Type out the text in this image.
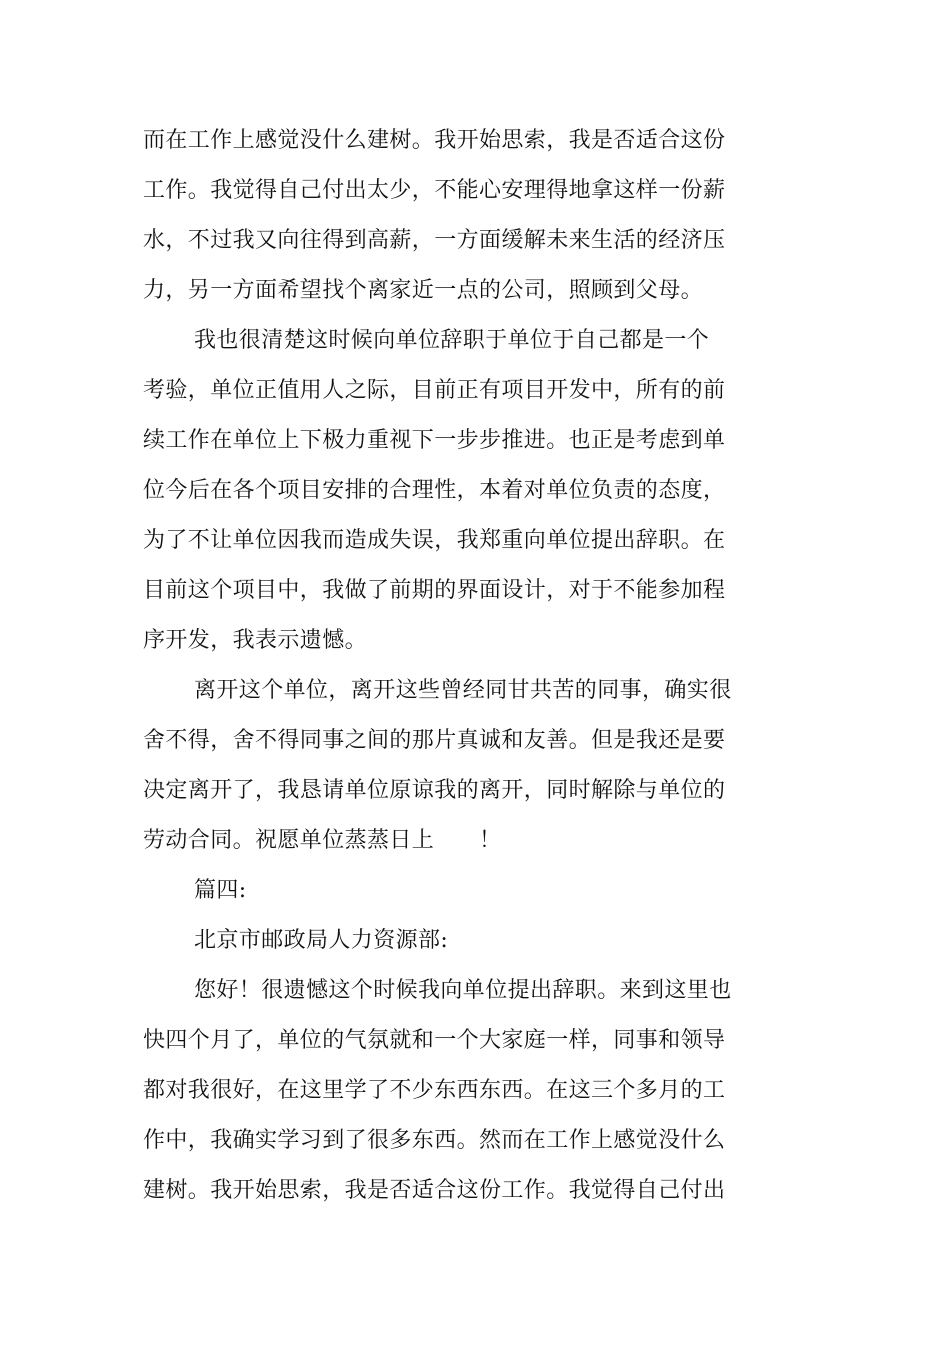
而在工作上感觉没什么建树。我开始思索，我是否适合这份
工作。我觉得自己付出太少，不能心安理得地拿这样一份薪
水，不过我又向往得到高薪，一方面缓解未来生活的经济压
力，另一方面希望找个离家近一点的公司，照顾到父母。
我也很清楚这时候向单位辞职于单位于自己都是一个
考验，单位正值用人之际，目前正有项目开发中，所有的前
续工作在单位上下极力重视下一步步推进。也正是考虑到单
位今后在各个项目安排的合理性，本着对单位负责的态度，
为了不让单位因我而造成失误，我郑重向单位提出辞职。在
目前这个项目中，我做了前期的界面设计，对于不能参加程
序开发，我表示遗憾。
离开这个单位，离开这些曾经同甘共苦的同事，确实很
舍不得，舍不得同事之间的那片真诚和友善。但是我还是要
决定离开了，我恳请单位原谅我的离开，同时解除与单位的
劳动合同。祝愿单位蒸蒸日上　　！
篇四:
北京市邮政局人力资源部:
您好！很遗憾这个时候我向单位提出辞职。来到这里也
快四个月了，单位的气氛就和一个大家庭一样，同事和领导
都对我很好，在这里学了不少东西东西。在这三个多月的工
作中，我确实学习到了很多东西。然而在工作上感觉没什么
建树。我开始思索，我是否适合这份工作。我觉得自己付出
